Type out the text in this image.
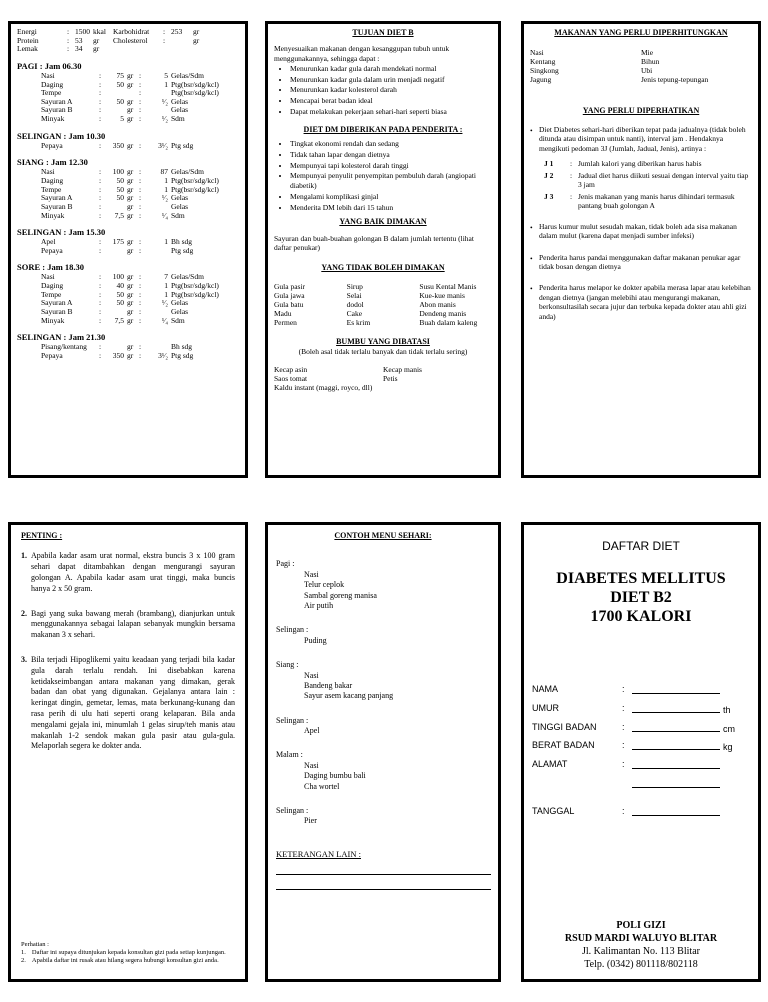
Energi	: 1500 kkal Karbohidrat	: 253	gr
Protein	: 53	gr	Cholesterol	:	gr
Lemak	: 34	gr
PAGI : Jam 06.30
Nasi	:	75 gr :	5 Gelas/Sdm
Daging	:	50 gr :	1 Ptg(bsr/sdg/kcl)
Tempe	:	:	Ptg(bsr/sdg/kcl)
Sayuran A	:	50 gr :	¹⁄₂ Gelas
Sayuran B	:	gr :	Gelas
Minyak	:	5 gr :	¹⁄₂ Sdm
SELINGAN : Jam 10.30
Pepaya	:	350 gr :	3¹⁄₂ Ptg sdg
SIANG : Jam 12.30
Nasi	:	100 gr :	87 Gelas/Sdm
Daging	:	50 gr :	1 Ptg(bsr/sdg/kcl)
Tempe	:	50 gr :	1 Ptg(bsr/sdg/kcl)
Sayuran A	:	50 gr :	¹⁄₂ Gelas
Sayuran B	:	gr :	Gelas
Minyak	:	7,5 gr :	¹⁄₄ Sdm
SELINGAN : Jam 15.30
Apel	:	175 gr :	1 Bh sdg
Pepaya	:	gr :	Ptg sdg
SORE : Jam 18.30
Nasi	:	100 gr :	7 Gelas/Sdm
Daging	:	40 gr :	1 Ptg(bsr/sdg/kcl)
Tempe	:	50 gr :	1 Ptg(bsr/sdg/kcl)
Sayuran A	:	50 gr :	¹⁄₂ Gelas
Sayuran B	:	gr :	Gelas
Minyak	:	7,5 gr :	¹⁄₄ Sdm
SELINGAN : Jam 21.30
Pisang/kentang	:	gr :	Bh sdg
Pepaya	:	350 gr :	3¹⁄₂ Ptg sdg
TUJUAN DIET B
Menyesuaikan makanan dengan kesanggupan tubuh untuk menggunakannya, sehingga dapat :
• Menurunkan kadar gula darah mendekati normal
• Menurunkan kadar gula dalam urin menjadi negatif
• Menurunkan kadar kolesterol darah
• Mencapai berat badan ideal
• Dapat melakukan pekerjaan sehari-hari seperti biasa
DIET DM DIBERIKAN PADA PENDERITA :
• Tingkat ekonomi rendah dan sedang
• Tidak tahan lapar dengan dietnya
• Mempunyai tapi kolesterol darah tinggi
• Mempunyai penyulit penyempitan pembuluh darah (angiopati diabetik)
• Mengalami komplikasi ginjal
• Menderita DM lebih dari 15 tahun
YANG BAIK DIMAKAN
Sayuran dan buah-buahan golongan B dalam jumlah tertentu (lihat daftar penukar)
YANG TIDAK BOLEH DIMAKAN
Gula pasir	Sirup	Susu Kental Manis
Gula jawa	Selai	Kue-kue manis
Gula batu	dodol	Abon manis
Madu	Cake	Dendeng manis
Permen	Es krim	Buah dalam kaleng
BUMBU YANG DIBATASI
(Boleh asal tidak terlalu banyak dan tidak terlalu sering)
Kecap asin	Kecap manis
Saos tomat	Petis
Kaldu instant (maggi, royco, dll)
MAKANAN YANG PERLU DIPERHITUNGKAN
Nasi	Mie
Kentang	Bihun
Singkong	Ubi
Jagung	Jenis tepung-tepungan
YANG PERLU DIPERHATIKAN
• Diet Diabetes sehari-hari diberikan tepat pada jadualnya (tidak boleh ditunda atau disimpan untuk nanti), interval jam . Hendaknya mengikuti pedoman 3J (Jumlah, Jadual, Jenis), artinya :
J 1	: Jumlah kalori yang diberikan harus habis
J 2	: Jadual diet harus diikuti sesuai dengan interval yaitu tiap 3 jam
J 3	: Jenis makanan yang manis harus dihindari termasuk pantang buah golongan A
• Harus kumur mulut sesudah makan, tidak boleh ada sisa makanan dalam mulut (karena dapat menjadi sumber infeksi)
• Penderita harus pandai menggunakan daftar makanan penukar agar tidak bosan dengan dietnya
• Penderita harus melapor ke dokter apabila merasa lapar atau kelebihan dengan dietnya (jangan melebihi atau mengurangi makanan, berkonsultasilah secara jujur dan terbuka kepada dokter atau ahli gizi anda)
PENTING :
1. Apabila kadar asam urat normal, ekstra buncis 3 x 100 gram sehari dapat ditambahkan dengan mengurangi sayuran golongan A. Apabila kadar asam urat tinggi, maka buncis hanya 2 x 50 gram.
2. Bagi yang suka bawang merah (brambang), dianjurkan untuk menggunakannya sebagai lalapan sebanyak mungkin bersama makanan 3 x sehari.
3. Bila terjadi Hipoglikemi yaitu keadaan yang terjadi bila kadar gula darah terlalu rendah. Ini disebabkan karena ketidakseimbangan antara makanan yang dimakan, gerak badan dan obat yang digunakan. Gejalanya antara lain : keringat dingin, gemetar, lemas, mata berkunang-kunang dan rasa perih di ulu hati seperti orang kelaparan. Bila anda mengalami gejala ini, minumlah 1 gelas sirup/teh manis atau makanlah 1-2 sendok makan gula pasir atau gula-gula. Melaporlah segera ke dokter anda.
Perhatian :
1. Daftar ini supaya ditunjukan kepada konsultan gizi pada setiap kunjungan.
2. Apabila daftar ini rusak atau hilang segera hubungi konsultan gizi anda.
CONTOH MENU SEHARI:

Pagi :

Nasi

Telur ceplok

Sambal goreng manisa

Air putih

Selingan :

Puding

Siang :

Nasi

Bandeng bakar

Sayur asem kacang panjang

Selingan :

Apel

Malam :

Nasi

Daging bumbu bali

Cha wortel

Selingan :

Pier

KETERANGAN LAIN :
DAFTAR DIET
DIABETES MELLITUS
DIET B2
1700 KALORI
NAMA	:
UMUR	:	th
TINGGI BADAN	:	cm
BERAT BADAN	:	kg
ALAMAT	:
TANGGAL	:
POLI GIZI
RSUD MARDI WALUYO BLITAR
Jl. Kalimantan No. 113 Blitar
Telp. (0342) 801118/802118
